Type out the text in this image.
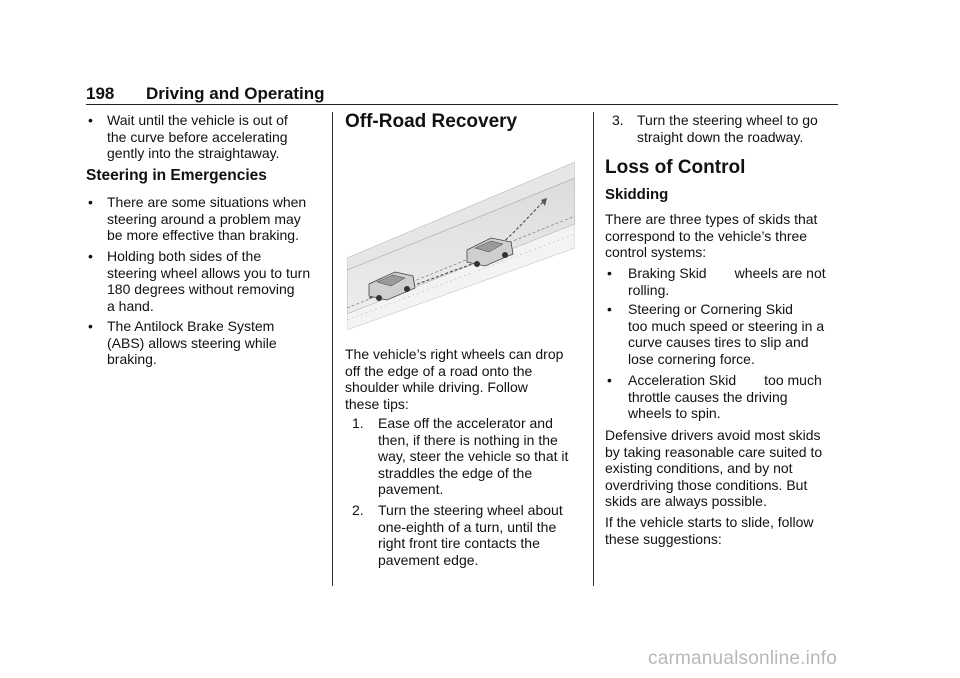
198 Driving and Operating
• Wait until the vehicle is out of
the curve before accelerating
gently into the straightaway.
Steering in Emergencies
• There are some situations when
steering around a problem may
be more effective than braking.
• Holding both sides of the
steering wheel allows you to turn
180 degrees without removing
a hand.
• The Antilock Brake System
(ABS) allows steering while
braking.
Off-Road Recovery
The vehicle’s right wheels can drop
off the edge of a road onto the
shoulder while driving. Follow
these tips:
1. Ease off the accelerator and
then, if there is nothing in the
way, steer the vehicle so that it
straddles the edge of the
pavement.
2. Turn the steering wheel about
one-eighth of a turn, until the
right front tire contacts the
pavement edge.
3. Turn the steering wheel to go
straight down the roadway.
Loss of Control
Skidding
There are three types of skids that
correspond to the vehicle’s three
control systems:
• Braking Skid  wheels are not
rolling.
• Steering or Cornering Skid
too much speed or steering in a
curve causes tires to slip and
lose cornering force.
• Acceleration Skid  too much
throttle causes the driving
wheels to spin.
Defensive drivers avoid most skids
by taking reasonable care suited to
existing conditions, and by not
overdriving those conditions. But
skids are always possible.
If the vehicle starts to slide, follow
these suggestions:
carmanualsonline.info
